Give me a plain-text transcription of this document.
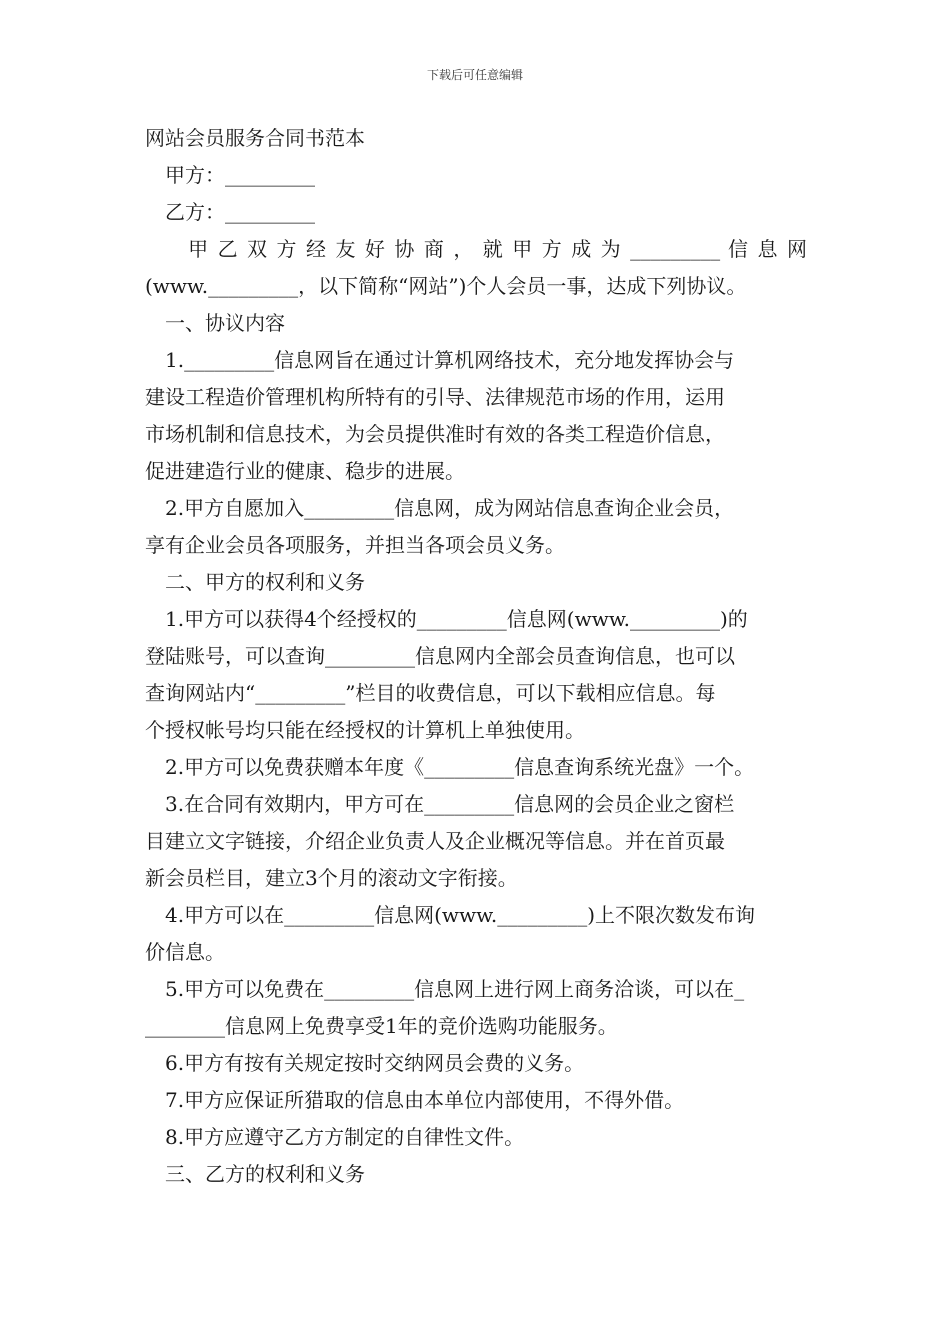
下载后可任意编辑
网站会员服务合同书范本
　甲方：_________
　乙方：_________
　　甲 乙 双 方 经 友 好 协 商 ， 就 甲 方 成 为 _________ 信 息 网
(www._________，以下简称“网站”)个人会员一事，达成下列协议。
　一、协议内容
　1._________信息网旨在通过计算机网络技术，充分地发挥协会与
建设工程造价管理机构所特有的引导、法律规范市场的作用，运用
市场机制和信息技术，为会员提供准时有效的各类工程造价信息，
促进建造行业的健康、稳步的进展。
　2.甲方自愿加入_________信息网，成为网站信息查询企业会员，
享有企业会员各项服务，并担当各项会员义务。
　二、甲方的权利和义务
　1.甲方可以获得4个经授权的_________信息网(www._________)的
登陆账号，可以查询_________信息网内全部会员查询信息，也可以
查询网站内“_________”栏目的收费信息，可以下载相应信息。每
个授权帐号均只能在经授权的计算机上单独使用。
　2.甲方可以免费获赠本年度《_________信息查询系统光盘》一个。
　3.在合同有效期内，甲方可在_________信息网的会员企业之窗栏
目建立文字链接，介绍企业负责人及企业概况等信息。并在首页最
新会员栏目，建立3个月的滚动文字衔接。
　4.甲方可以在_________信息网(www._________)上不限次数发布询
价信息。
　5.甲方可以免费在_________信息网上进行网上商务洽谈，可以在_
________信息网上免费享受1年的竞价选购功能服务。
　6.甲方有按有关规定按时交纳网员会费的义务。
　7.甲方应保证所猎取的信息由本单位内部使用，不得外借。
　8.甲方应遵守乙方方制定的自律性文件。
　三、乙方的权利和义务
